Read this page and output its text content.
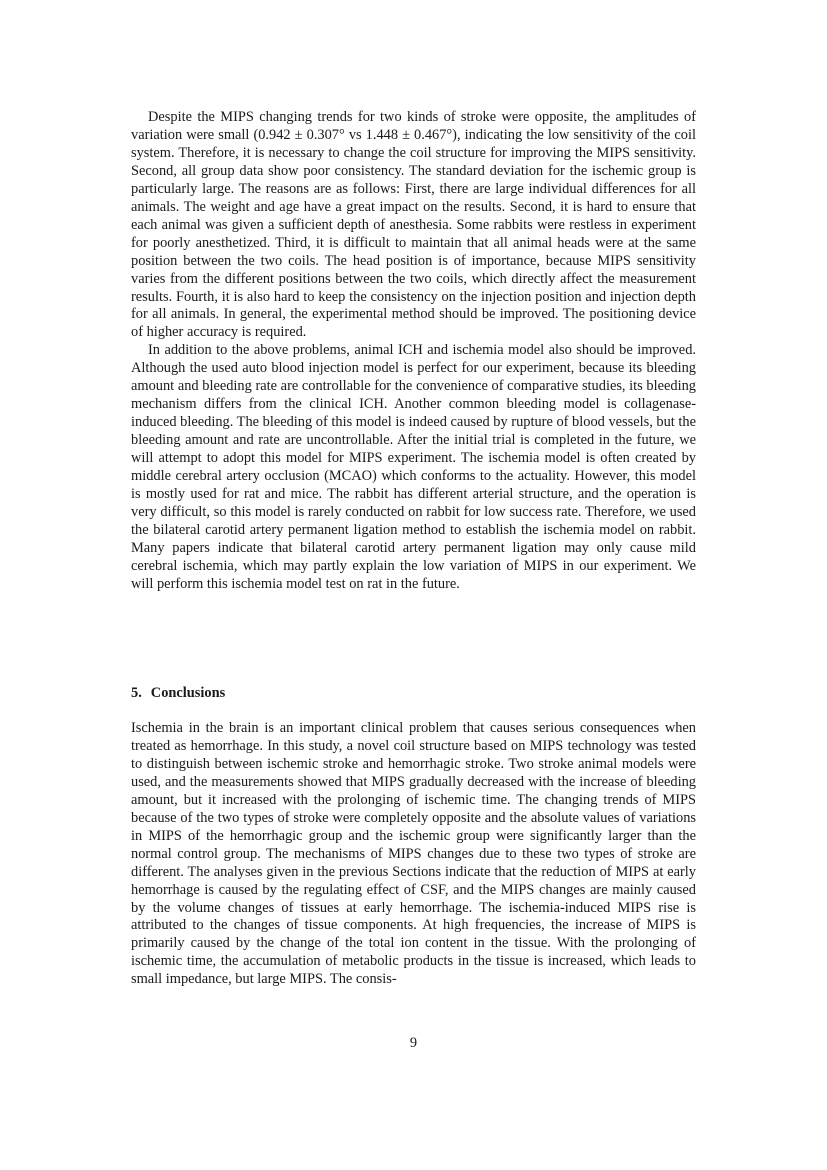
Despite the MIPS changing trends for two kinds of stroke were opposite, the amplitudes of variation were small (0.942 ± 0.307° vs 1.448 ± 0.467°), indicating the low sensitivity of the coil system. Therefore, it is necessary to change the coil structure for improving the MIPS sensitivity. Second, all group data show poor consistency. The standard deviation for the ischemic group is particularly large. The reasons are as follows: First, there are large individual differences for all animals. The weight and age have a great impact on the results. Second, it is hard to ensure that each animal was given a sufficient depth of anesthesia. Some rabbits were restless in experiment for poorly anesthetized. Third, it is difficult to maintain that all animal heads were at the same position between the two coils. The head position is of importance, because MIPS sensitivity varies from the different positions between the two coils, which directly affect the measurement results. Fourth, it is also hard to keep the consistency on the injection position and injection depth for all animals. In general, the experimental method should be improved. The positioning device of higher accuracy is required.

In addition to the above problems, animal ICH and ischemia model also should be improved. Although the used auto blood injection model is perfect for our experiment, because its bleeding amount and bleeding rate are controllable for the convenience of comparative studies, its bleeding mechanism differs from the clinical ICH. Another common bleeding model is collagenase-induced bleeding. The bleeding of this model is indeed caused by rupture of blood vessels, but the bleeding amount and rate are uncontrollable. After the initial trial is completed in the future, we will attempt to adopt this model for MIPS experiment. The ischemia model is often created by middle cerebral artery occlusion (MCAO) which conforms to the actuality. However, this model is mostly used for rat and mice. The rabbit has different arterial structure, and the operation is very difficult, so this model is rarely conducted on rabbit for low success rate. Therefore, we used the bilateral carotid artery permanent ligation method to establish the ischemia model on rabbit. Many papers indicate that bilateral carotid artery permanent ligation may only cause mild cerebral ischemia, which may partly explain the low variation of MIPS in our experiment. We will perform this ischemia model test on rat in the future.

5. Conclusions

Ischemia in the brain is an important clinical problem that causes serious consequences when treated as hemorrhage. In this study, a novel coil structure based on MIPS technology was tested to distinguish between ischemic stroke and hemorrhagic stroke. Two stroke animal models were used, and the measurements showed that MIPS gradually decreased with the increase of bleeding amount, but it increased with the prolonging of ischemic time. The changing trends of MIPS because of the two types of stroke were completely opposite and the absolute values of variations in MIPS of the hemorrhagic group and the ischemic group were significantly larger than the normal control group. The mechanisms of MIPS changes due to these two types of stroke are different. The analyses given in the previous Sections indicate that the reduction of MIPS at early hemorrhage is caused by the regulating effect of CSF, and the MIPS changes are mainly caused by the volume changes of tissues at early hemorrhage. The ischemia-induced MIPS rise is attributed to the changes of tissue components. At high frequencies, the increase of MIPS is primarily caused by the change of the total ion content in the tissue. With the prolonging of ischemic time, the accumulation of metabolic products in the tissue is increased, which leads to small impedance, but large MIPS. The consis-

9
